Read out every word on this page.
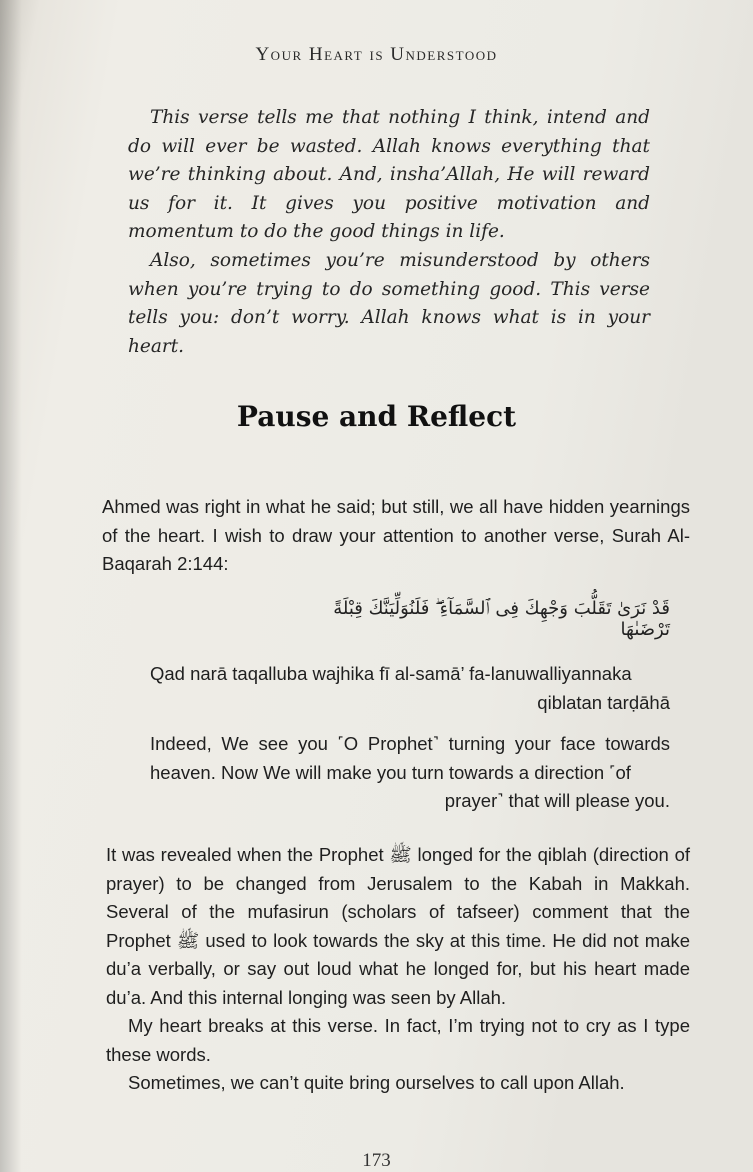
Your Heart is Understood

This verse tells me that nothing I think, intend and do will ever be wasted. Allah knows everything that we’re thinking about. And, insha’Allah, He will reward us for it. It gives you positive motivation and momentum to do the good things in life.

Also, sometimes you’re misunderstood by others when you’re trying to do something good. This verse tells you: don’t worry. Allah knows what is in your heart.

Pause and Reflect

Ahmed was right in what he said; but still, we all have hidden yearnings of the heart. I wish to draw your attention to another verse, Surah Al-Baqarah 2:144:

قَدْ نَرَىٰ تَقَلُّبَ وَجْهِكَ فِى ٱلسَّمَآءِ ۖ فَلَنُوَلِّيَنَّكَ قِبْلَةً تَرْضَىٰهَا
Qad narā taqalluba wajhika fī al-samā’ fa-lanuwalliyannaka
qiblatan tarḍāhā
Indeed, We see you ˹O Prophet˺ turning your face towards heaven. Now We will make you turn towards a direction ˹of
prayer˺ that will please you.

It was revealed when the Prophet ﷺ longed for the qiblah (direction of prayer) to be changed from Jerusalem to the Kabah in Makkah. Several of the mufasirun (scholars of tafseer) comment that the Prophet ﷺ used to look towards the sky at this time. He did not make du’a verbally, or say out loud what he longed for, but his heart made du’a. And this internal longing was seen by Allah.

My heart breaks at this verse. In fact, I’m trying not to cry as I type these words.

Sometimes, we can’t quite bring ourselves to call upon Allah.

173
